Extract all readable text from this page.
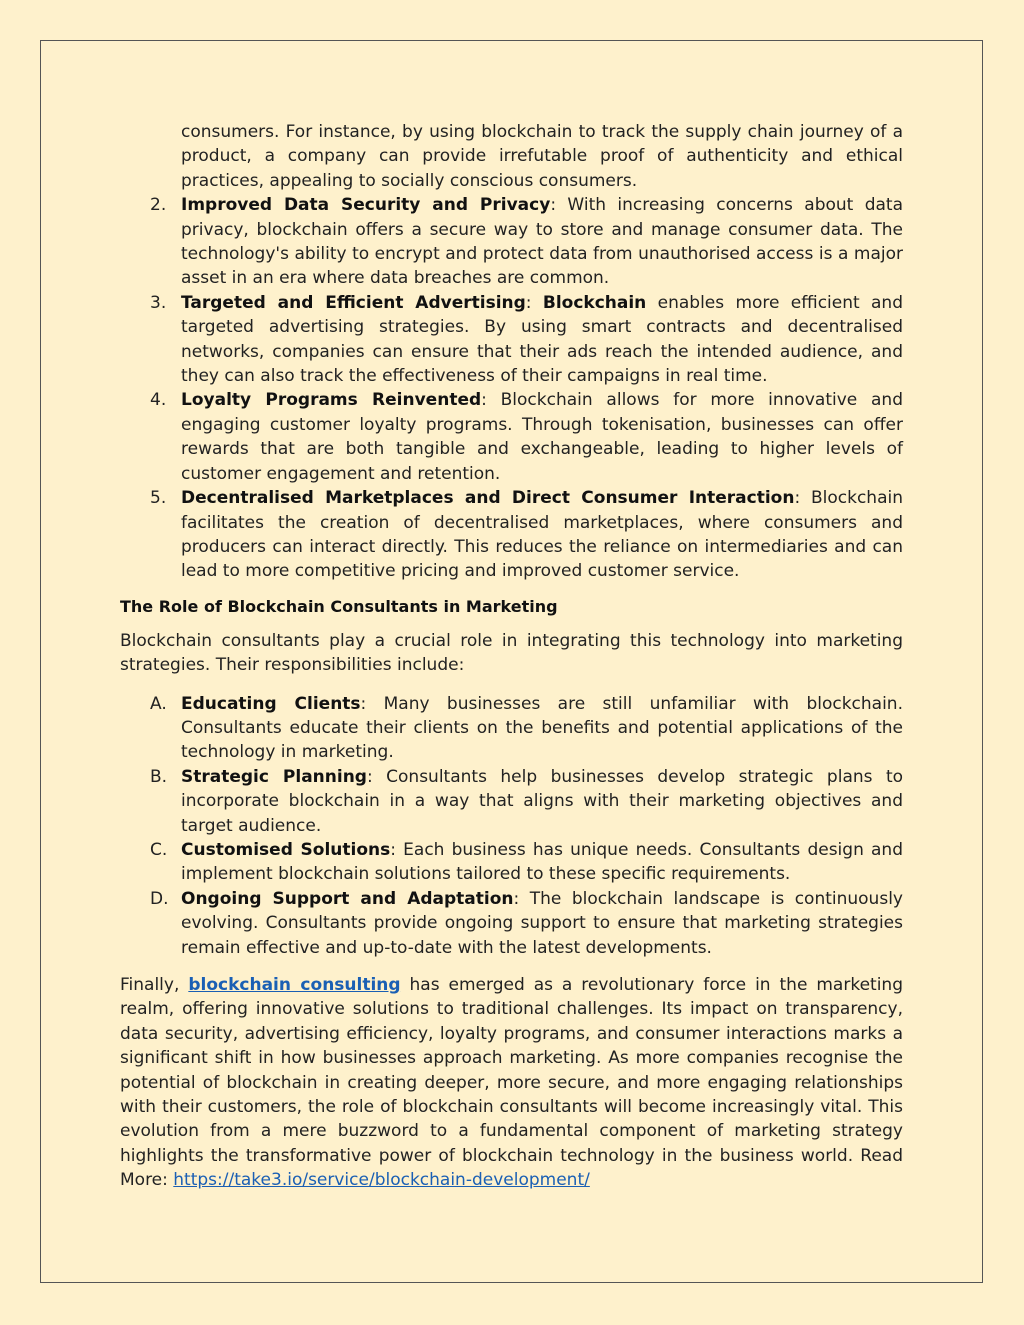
consumers. For instance, by using blockchain to track the supply chain journey of a product, a company can provide irrefutable proof of authenticity and ethical practices, appealing to socially conscious consumers.

2. Improved Data Security and Privacy: With increasing concerns about data privacy, blockchain offers a secure way to store and manage consumer data. The technology's ability to encrypt and protect data from unauthorised access is a major asset in an era where data breaches are common.
3. Targeted and Efficient Advertising: Blockchain enables more efficient and targeted advertising strategies. By using smart contracts and decentralised networks, companies can ensure that their ads reach the intended audience, and they can also track the effectiveness of their campaigns in real time.
4. Loyalty Programs Reinvented: Blockchain allows for more innovative and engaging customer loyalty programs. Through tokenisation, businesses can offer rewards that are both tangible and exchangeable, leading to higher levels of customer engagement and retention.
5. Decentralised Marketplaces and Direct Consumer Interaction: Blockchain facilitates the creation of decentralised marketplaces, where consumers and producers can interact directly. This reduces the reliance on intermediaries and can lead to more competitive pricing and improved customer service.
The Role of Blockchain Consultants in Marketing

Blockchain consultants play a crucial role in integrating this technology into marketing strategies. Their responsibilities include:

A. Educating Clients: Many businesses are still unfamiliar with blockchain. Consultants educate their clients on the benefits and potential applications of the technology in marketing.
B. Strategic Planning: Consultants help businesses develop strategic plans to incorporate blockchain in a way that aligns with their marketing objectives and target audience.
C. Customised Solutions: Each business has unique needs. Consultants design and implement blockchain solutions tailored to these specific requirements.
D. Ongoing Support and Adaptation: The blockchain landscape is continuously evolving. Consultants provide ongoing support to ensure that marketing strategies remain effective and up-to-date with the latest developments.

Finally, blockchain consulting has emerged as a revolutionary force in the marketing realm, offering innovative solutions to traditional challenges. Its impact on transparency, data security, advertising efficiency, loyalty programs, and consumer interactions marks a significant shift in how businesses approach marketing. As more companies recognise the potential of blockchain in creating deeper, more secure, and more engaging relationships with their customers, the role of blockchain consultants will become increasingly vital. This evolution from a mere buzzword to a fundamental component of marketing strategy highlights the transformative power of blockchain technology in the business world. Read More: https://take3.io/service/blockchain-development/
